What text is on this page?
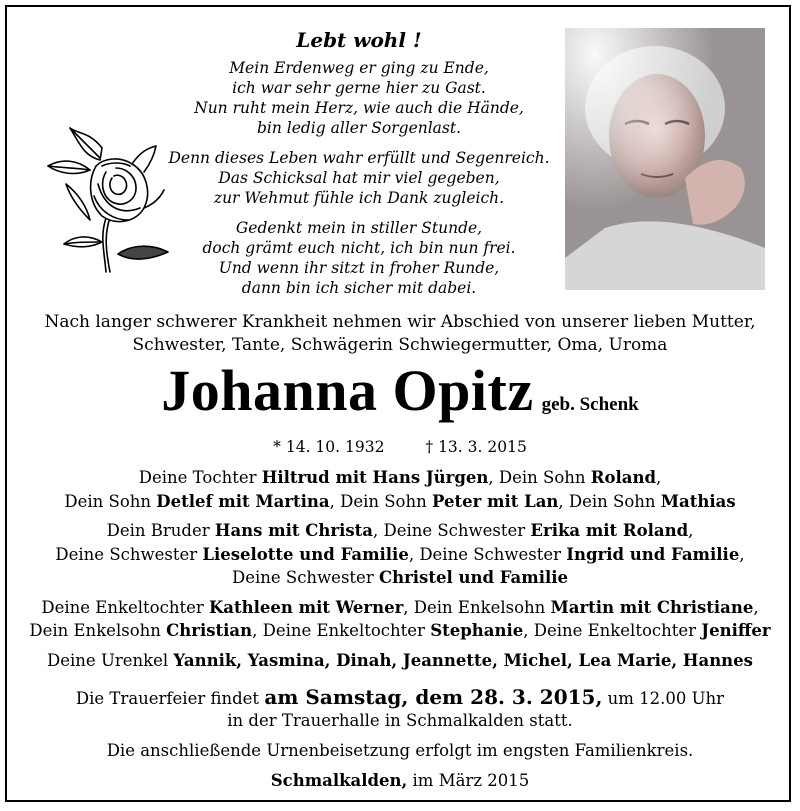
Lebt wohl !
Mein Erdenweg er ging zu Ende,
ich war sehr gerne hier zu Gast.
Nun ruht mein Herz, wie auch die Hände,
bin ledig aller Sorgenlast.
Denn dieses Leben wahr erfüllt und Segenreich.
Das Schicksal hat mir viel gegeben,
zur Wehmut fühle ich Dank zugleich.
Gedenkt mein in stiller Stunde,
doch grämt euch nicht, ich bin nun frei.
Und wenn ihr sitzt in froher Runde,
dann bin ich sicher mit dabei.
Nach langer schwerer Krankheit nehmen wir Abschied von unserer lieben Mutter,
Schwester, Tante, Schwägerin Schwiegermutter, Oma, Uroma
Johanna Opitz geb. Schenk
* 14. 10. 1932	† 13. 3. 2015
Deine Tochter Hiltrud mit Hans Jürgen, Dein Sohn Roland,
Dein Sohn Detlef mit Martina, Dein Sohn Peter mit Lan, Dein Sohn Mathias
Dein Bruder Hans mit Christa, Deine Schwester Erika mit Roland,
Deine Schwester Lieselotte und Familie, Deine Schwester Ingrid und Familie,
Deine Schwester Christel und Familie
Deine Enkeltochter Kathleen mit Werner, Dein Enkelsohn Martin mit Christiane,
Dein Enkelsohn Christian, Deine Enkeltochter Stephanie, Deine Enkeltochter Jeniffer
Deine Urenkel Yannik, Yasmina, Dinah, Jeannette, Michel, Lea Marie, Hannes
Die Trauerfeier findet am Samstag, dem 28. 3. 2015, um 12.00 Uhr
in der Trauerhalle in Schmalkalden statt.
Die anschließende Urnenbeisetzung erfolgt im engsten Familienkreis.
Schmalkalden, im März 2015
